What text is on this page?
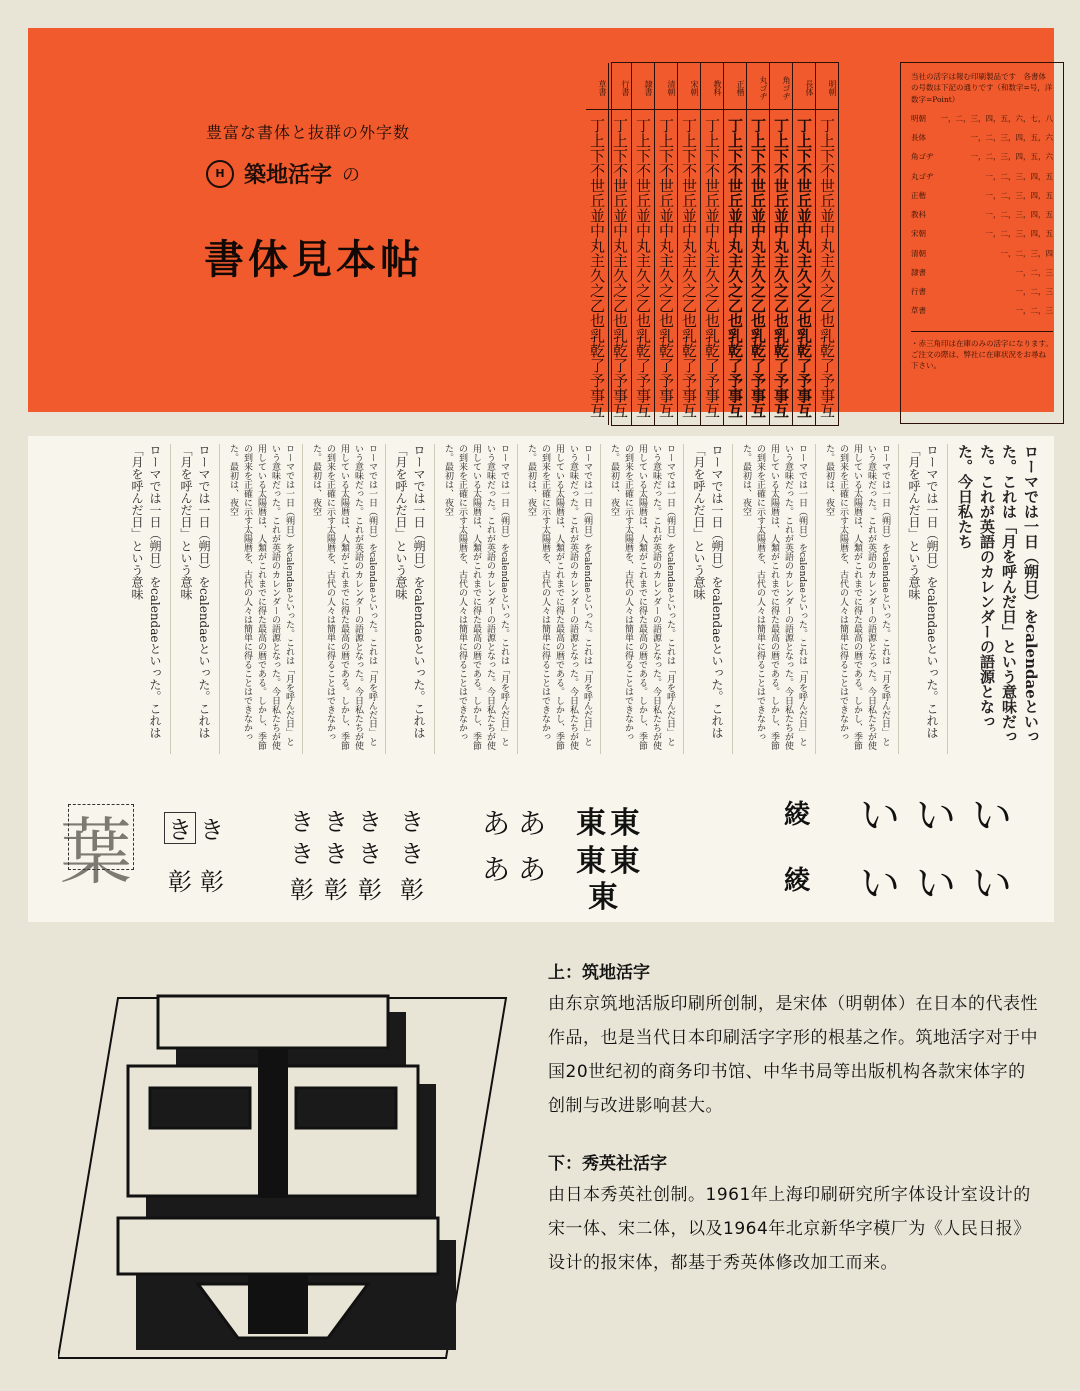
豊富な書体と抜群の外字数
H 築地活字 の
書体見本帖
明朝
丁上下不世丘並中丸主久之乙也乳乾了予事互
長体
丁上下不世丘並中丸主久之乙也乳乾了予事互
角ゴヂ
丁上下不世丘並中丸主久之乙也乳乾了予事互
丸ゴヂ
丁上下不世丘並中丸主久之乙也乳乾了予事互
正楷
丁上下不世丘並中丸主久之乙也乳乾了予事互
教科
丁上下不世丘並中丸主久之乙也乳乾了予事互
宋朝
丁上下不世丘並中丸主久之乙也乳乾了予事互
清朝
丁上下不世丘並中丸主久之乙也乳乾了予事互
隷書
丁上下不世丘並中丸主久之乙也乳乾了予事互
行書
丁上下不世丘並中丸主久之乙也乳乾了予事互
草書
丁上下不世丘並中丸主久之乙也乳乾了予事互
当社の活字は報む印刷製品です　各書体の号数は下記の通りです（和数字=号，洋数字=Point）
明朝 一，二，三，四，五，六，七，八
長体	一，二，三，四，五，六
角ゴヂ	一，二，三，四，五，六
丸ゴヂ	一，二，三，四，五
正楷	一，二，三，四，五
教科	一，二，三，四，五
宋朝	一，二，三，四，五
清朝	一，二，三，四
隷書	一，二，三
行書	一，二，三
草書	一，二，三
・赤三角印は在庫のみの活字になります。ご注文の際は、弊社に在庫状況をお尋ね下さい。
ローマでは一日（朔日）をcalendaeといった。これは「月を呼んだ日」という意味だった。これが英語のカレンダーの語源となった。今日私たち
ローマでは一日（朔日）をcalendaeといった。これは「月を呼んだ日」という意味
ローマでは一日（朔日）をcalendaeといった。これは「月を呼んだ日」という意味だった。これが英語のカレンダーの語源となった。今日私たちが使用している太陽暦は、人類がこれまでに得た最高の暦である。しかし、季節の到来を正確に示す太陽暦を、古代の人々は簡単に得ることはできなかった。最初は、夜空
ローマでは一日（朔日）をcalendaeといった。これは「月を呼んだ日」という意味だった。これが英語のカレンダーの語源となった。今日私たちが使用している太陽暦は、人類がこれまでに得た最高の暦である。しかし、季節の到来を正確に示す太陽暦を、古代の人々は簡単に得ることはできなかった。最初は、夜空
ローマでは一日（朔日）をcalendaeといった。これは「月を呼んだ日」という意味
ローマでは一日（朔日）をcalendaeといった。これは「月を呼んだ日」という意味だった。これが英語のカレンダーの語源となった。今日私たちが使用している太陽暦は、人類がこれまでに得た最高の暦である。しかし、季節の到来を正確に示す太陽暦を、古代の人々は簡単に得ることはできなかった。最初は、夜空
ローマでは一日（朔日）をcalendaeといった。これは「月を呼んだ日」という意味だった。これが英語のカレンダーの語源となった。今日私たちが使用している太陽暦は、人類がこれまでに得た最高の暦である。しかし、季節の到来を正確に示す太陽暦を、古代の人々は簡単に得ることはできなかった。最初は、夜空
ローマでは一日（朔日）をcalendaeといった。これは「月を呼んだ日」という意味だった。これが英語のカレンダーの語源となった。今日私たちが使用している太陽暦は、人類がこれまでに得た最高の暦である。しかし、季節の到来を正確に示す太陽暦を、古代の人々は簡単に得ることはできなかった。最初は、夜空
ローマでは一日（朔日）をcalendaeといった。これは「月を呼んだ日」という意味
ローマでは一日（朔日）をcalendaeといった。これは「月を呼んだ日」という意味だった。これが英語のカレンダーの語源となった。今日私たちが使用している太陽暦は、人類がこれまでに得た最高の暦である。しかし、季節の到来を正確に示す太陽暦を、古代の人々は簡単に得ることはできなかった。最初は、夜空
ローマでは一日（朔日）をcalendaeといった。これは「月を呼んだ日」という意味だった。これが英語のカレンダーの語源となった。今日私たちが使用している太陽暦は、人類がこれまでに得た最高の暦である。しかし、季節の到来を正確に示す太陽暦を、古代の人々は簡単に得ることはできなかった。最初は、夜空
ローマでは一日（朔日）をcalendaeといった。これは「月を呼んだ日」という意味
ローマでは一日（朔日）をcalendaeといった。これは「月を呼んだ日」という意味
葉 き き
彰 彰
き き き き
き き き き
彰 彰 彰 彰
あ あ
あ あ
東 東
東 東
東
綾
綾
い い い
い い い
上：筑地活字

由东京筑地活版印刷所创制，是宋体（明朝体）在日本的代表性作品，也是当代日本印刷活字字形的根基之作。筑地活字对于中国20世纪初的商务印书馆、中华书局等出版机构各款宋体字的创制与改进影响甚大。

下：秀英社活字

由日本秀英社创制。1961年上海印刷研究所字体设计室设计的宋一体、宋二体，以及1964年北京新华字模厂为《人民日报》设计的报宋体，都基于秀英体修改加工而来。
